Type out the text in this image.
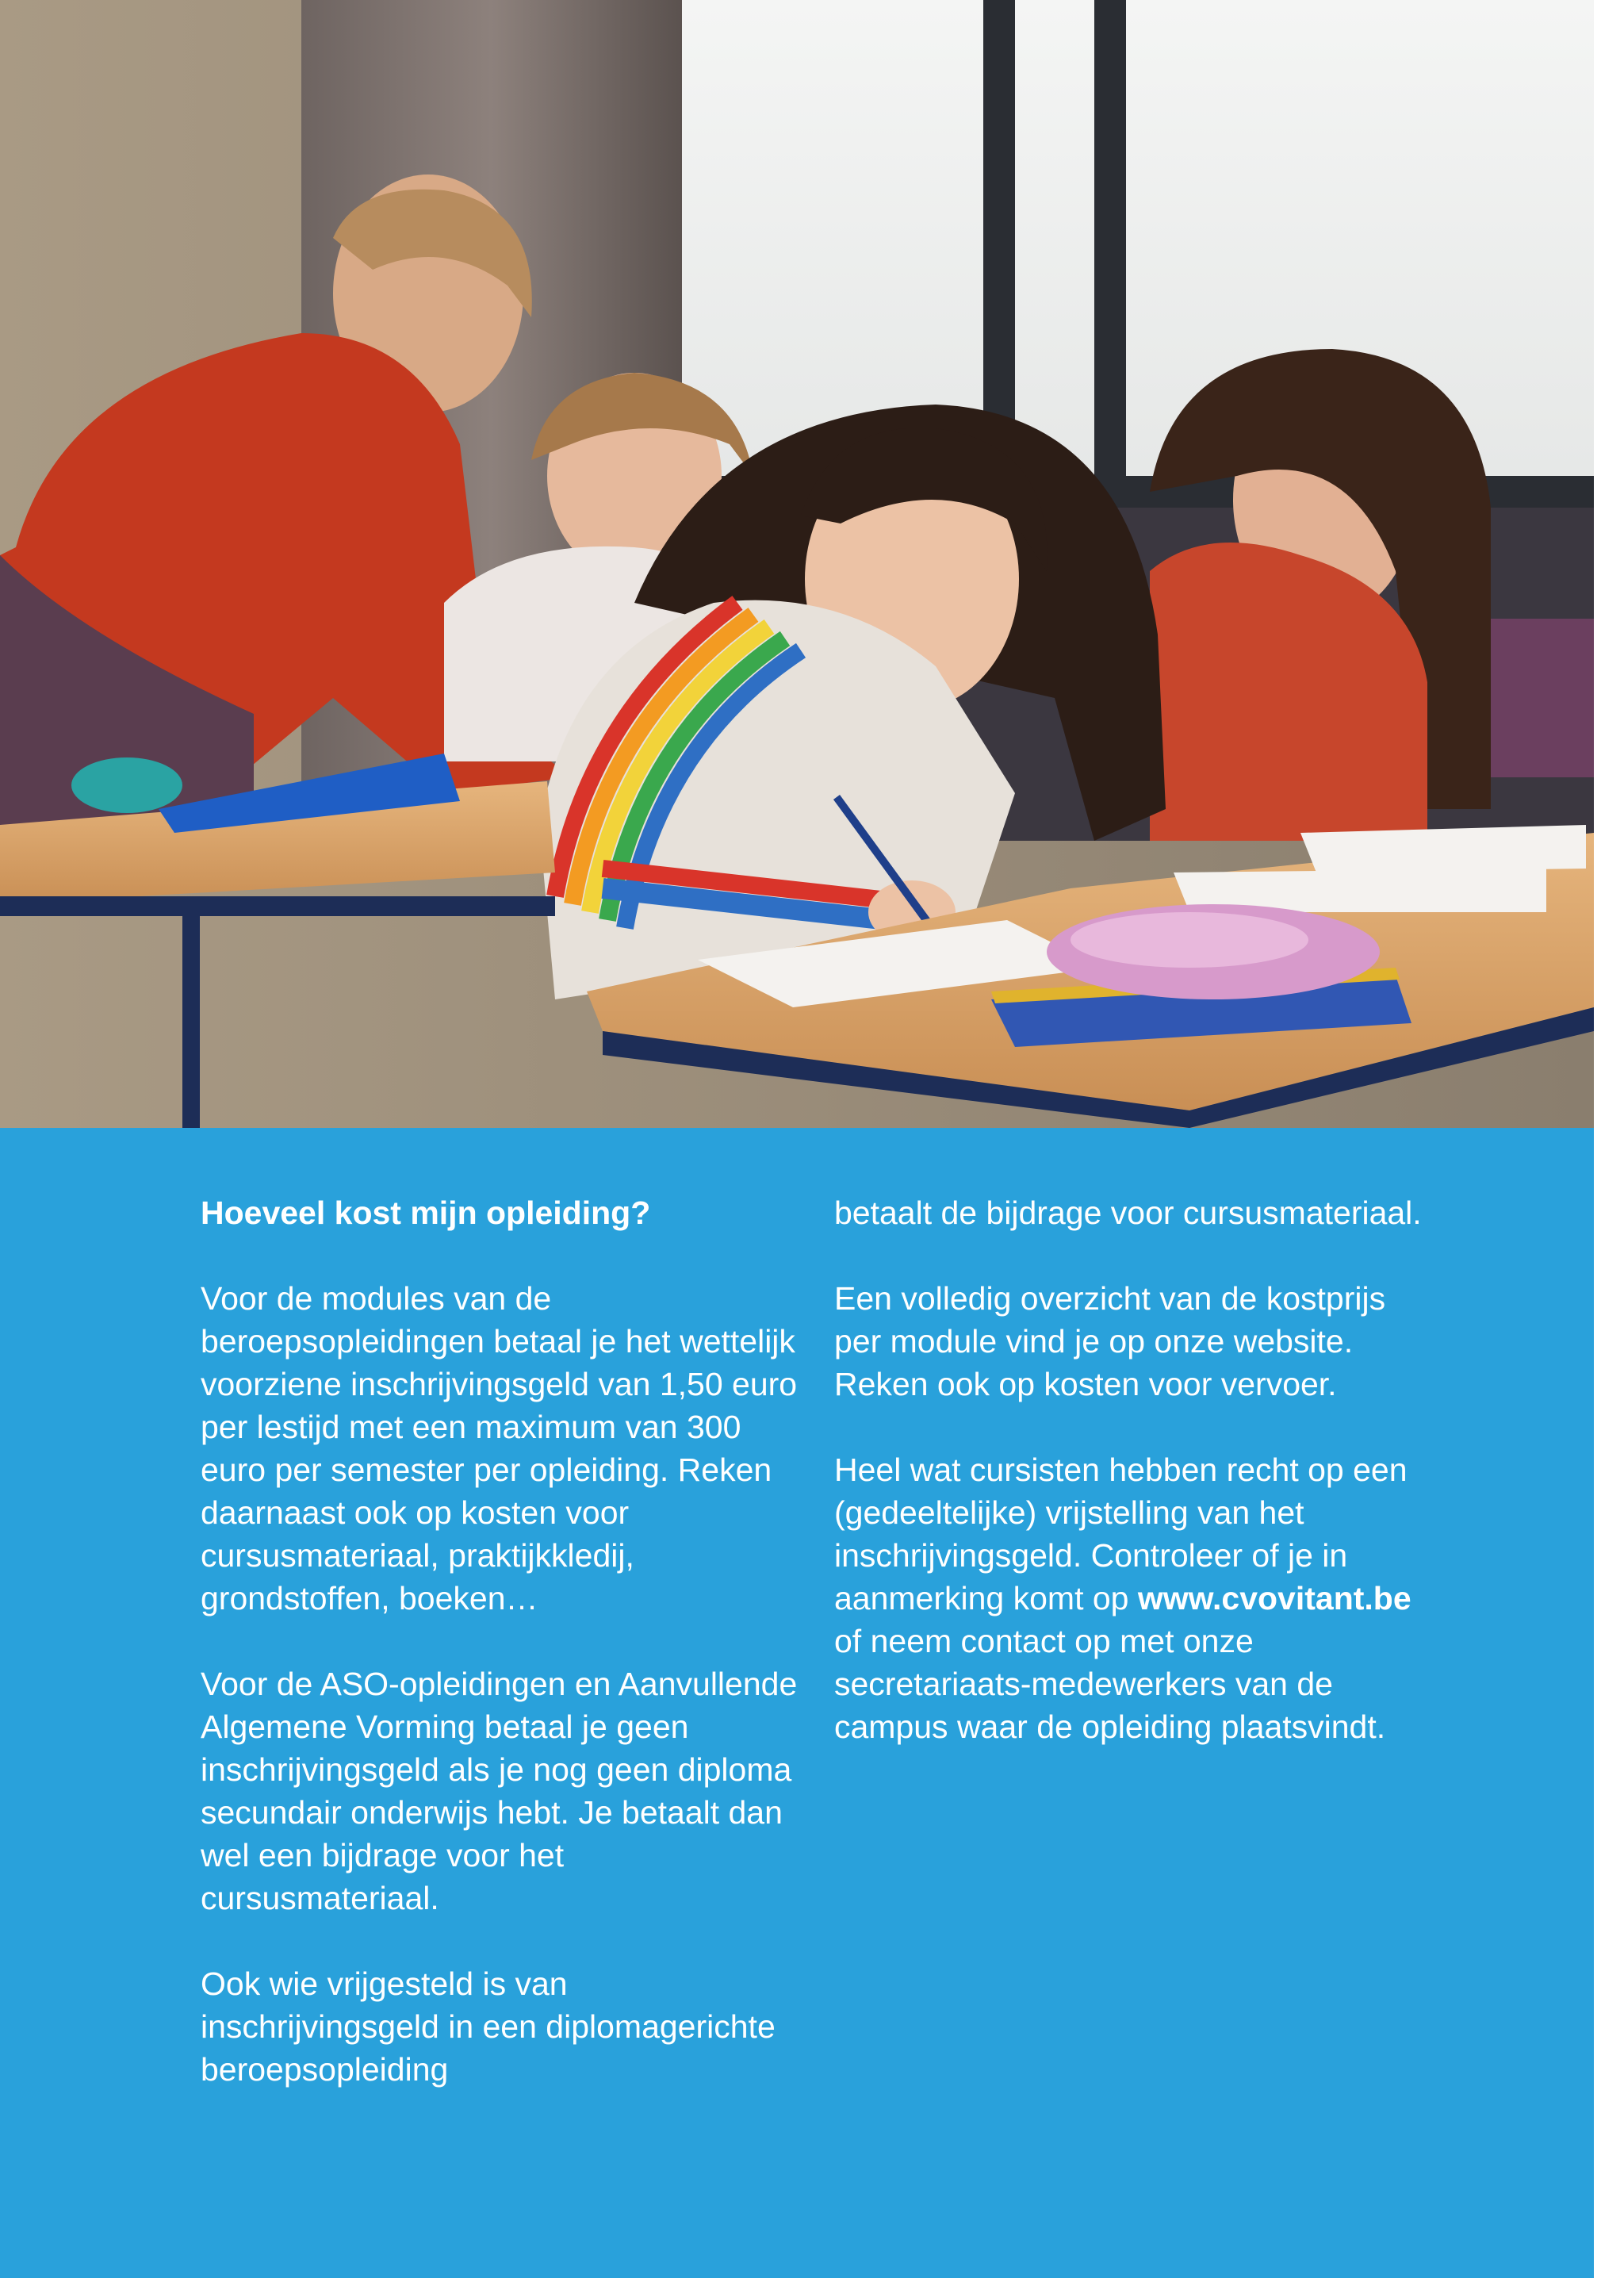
Hoeveel kost mijn opleiding?

Voor de modules van de beroepsopleidingen betaal je het wettelijk voorziene inschrijvingsgeld van 1,50 euro per lestijd met een maximum van 300 euro per semester per opleiding. Reken daarnaast ook op kosten voor cursusmateriaal, praktijkkledij, grondstoffen, boeken…

Voor de ASO-opleidingen en Aanvullende Algemene Vorming betaal je geen inschrijvingsgeld als je nog geen diploma secundair onderwijs hebt. Je betaalt dan wel een bijdrage voor het cursusmateriaal.

Ook wie vrijgesteld is van inschrijvingsgeld in een diplomagerichte beroepsopleiding

betaalt de bijdrage voor cursusmateriaal.

Een volledig overzicht van de kostprijs per module vind je op onze website. Reken ook op kosten voor vervoer.

Heel wat cursisten hebben recht op een (gedeeltelijke) vrijstelling van het inschrijvingsgeld. Controleer of je in aanmerking komt op www.cvovitant.be of neem contact op met onze secretariaats-medewerkers van de campus waar de opleiding plaatsvindt.
